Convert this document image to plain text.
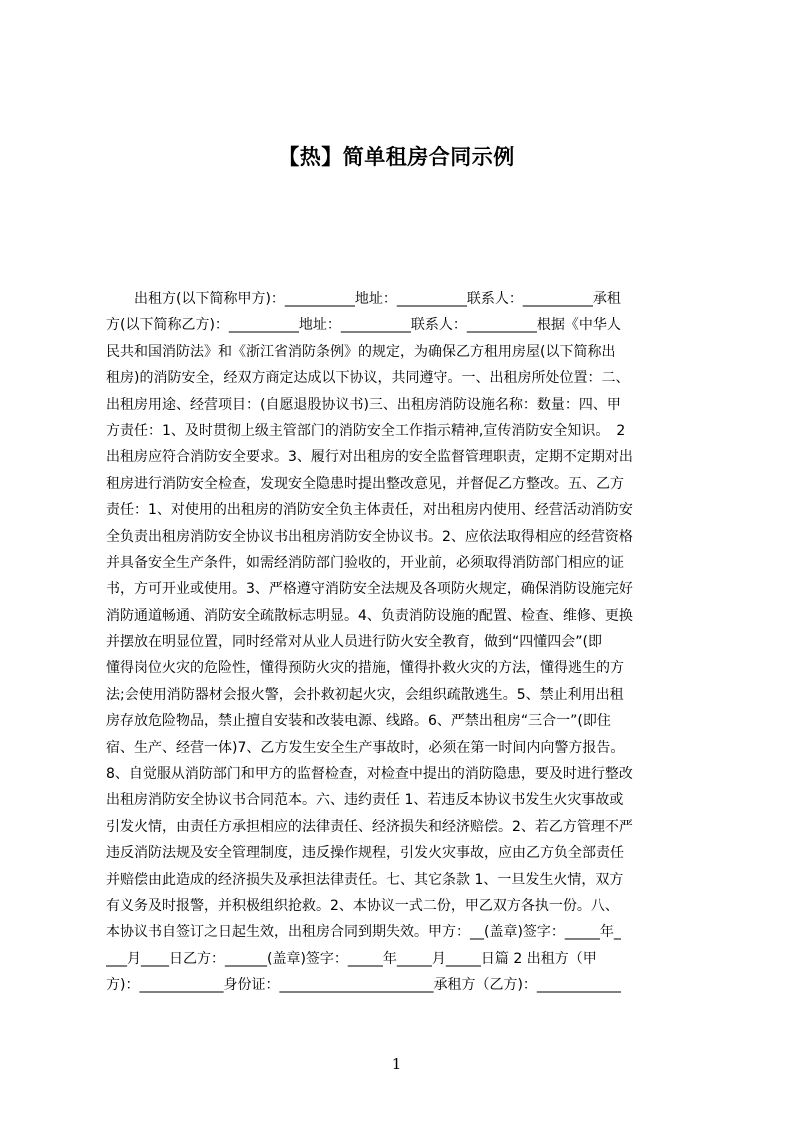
【热】简单租房合同示例
　　出租方(以下简称甲方)：__________地址：__________联系人：__________承租
方(以下简称乙方)：__________地址：__________联系人：__________根据《中华人
民共和国消防法》和《浙江省消防条例》的规定，为确保乙方租用房屋(以下简称出
租房)的消防安全，经双方商定达成以下协议，共同遵守。一、出租房所处位置：二、
出租房用途、经营项目：(自愿退股协议书)三、出租房消防设施名称：数量：四、甲
方责任：1、及时贯彻上级主管部门的消防安全工作指示精神,宣传消防安全知识。　2
出租房应符合消防安全要求。3、履行对出租房的安全监督管理职责，定期不定期对出
租房进行消防安全检查，发现安全隐患时提出整改意见，并督促乙方整改。五、乙方
责任：1、对使用的出租房的消防安全负主体责任，对出租房内使用、经营活动消防安
全负责出租房消防安全协议书出租房消防安全协议书。2、应依法取得相应的经营资格
并具备安全生产条件，如需经消防部门验收的，开业前，必须取得消防部门相应的证
书，方可开业或使用。3、严格遵守消防安全法规及各项防火规定，确保消防设施完好
消防通道畅通、消防安全疏散标志明显。4、负责消防设施的配置、检查、维修、更换
并摆放在明显位置，同时经常对从业人员进行防火安全教育，做到“四懂四会”(即
懂得岗位火灾的危险性，懂得预防火灾的措施，懂得扑救火灾的方法，懂得逃生的方
法;会使用消防器材会报火警，会扑救初起火灾，会组织疏散逃生。5、禁止利用出租
房存放危险物品，禁止擅自安装和改装电源、线路。6、严禁出租房“三合一”(即住
宿、生产、经营一体)7、乙方发生安全生产事故时，必须在第一时间内向警方报告。
8、自觉服从消防部门和甲方的监督检查，对检查中提出的消防隐患，要及时进行整改
出租房消防安全协议书合同范本。六、违约责任 1、若违反本协议书发生火灾事故或
引发火情，由责任方承担相应的法律责任、经济损失和经济赔偿。2、若乙方管理不严
违反消防法规及安全管理制度，违反操作规程，引发火灾事故，应由乙方负全部责任
并赔偿由此造成的经济损失及承担法律责任。七、其它条款 1、一旦发生火情，双方
有义务及时报警，并积极组织抢救。2、本协议一式二份，甲乙双方各执一份。八、
本协议书自签订之日起生效，出租房合同到期失效。甲方：__(盖章)签字：_____年_
___月____日乙方：______(盖章)签字：_____年_____月_____日篇 2 出租方（甲
方)：____________身份证：______________________承租方（乙方)：____________
1
